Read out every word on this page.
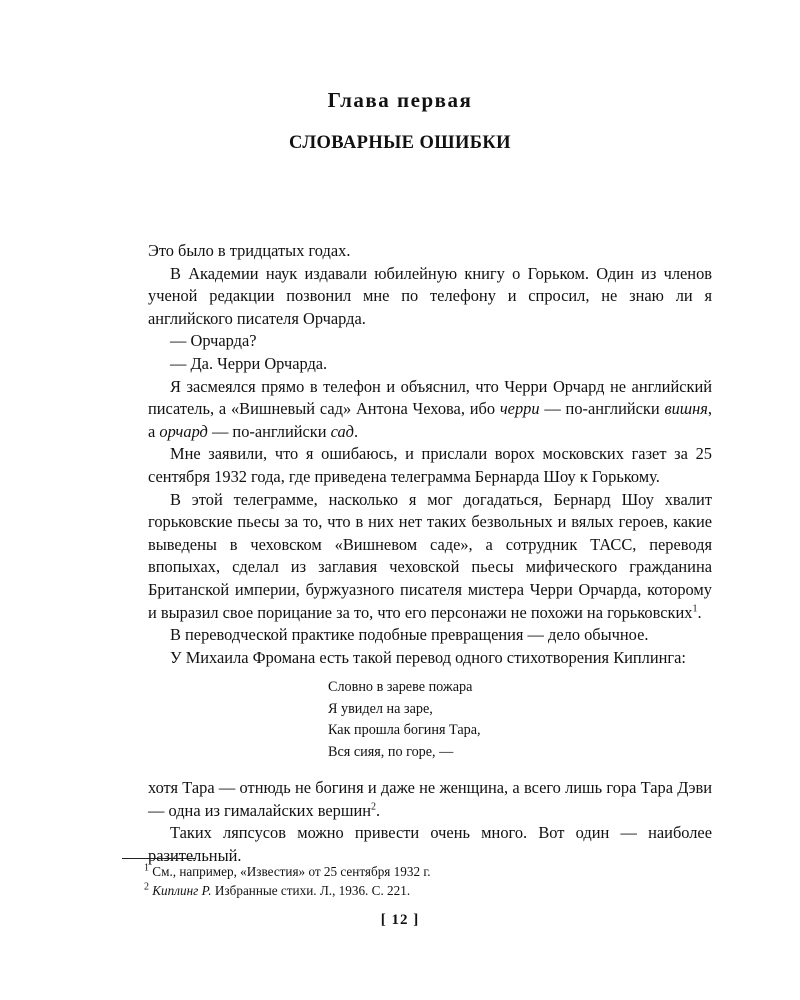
Глава первая
СЛОВАРНЫЕ ОШИБКИ

Это было в тридцатых годах.

В Академии наук издавали юбилейную книгу о Горьком. Один из членов ученой редакции позвонил мне по телефону и спросил, не знаю ли я английского писателя Орчарда.

— Орчарда?

— Да. Черри Орчарда.

Я засмеялся прямо в телефон и объяснил, что Черри Орчард не английский писатель, а «Вишневый сад» Антона Чехова, ибо черри — по-английски вишня, а орчард — по-английски сад.

Мне заявили, что я ошибаюсь, и прислали ворох московских газет за 25 сентября 1932 года, где приведена телеграмма Бернарда Шоу к Горькому.

В этой телеграмме, насколько я мог догадаться, Бернард Шоу хвалит горьковские пьесы за то, что в них нет таких безвольных и вялых героев, какие выведены в чеховском «Вишневом саде», а сотрудник ТАСС, переводя впопыхах, сделал из заглавия чеховской пьесы мифического гражданина Британской империи, буржуазного писателя мистера Черри Орчарда, которому и выразил свое порицание за то, что его персонажи не похожи на горьковских$^1$.

В переводческой практике подобные превращения — дело обычное.

У Михаила Фромана есть такой перевод одного стихотворения Киплинга:

Словно в зареве пожара
Я увидел на заре,
Как прошла богиня Тара,
Вся сияя, по горе, —

хотя Тара — отнюдь не богиня и даже не женщина, а всего лишь гора Тара Дэви — одна из гималайских вершин$^2$.

Таких ляпсусов можно привести очень много. Вот один — наиболее разительный.

$^1$ См., например, «Известия» от 25 сентября 1932 г.
$^2$ Киплинг Р. Избранные стихи. Л., 1936. С. 221.
[ 12 ]
